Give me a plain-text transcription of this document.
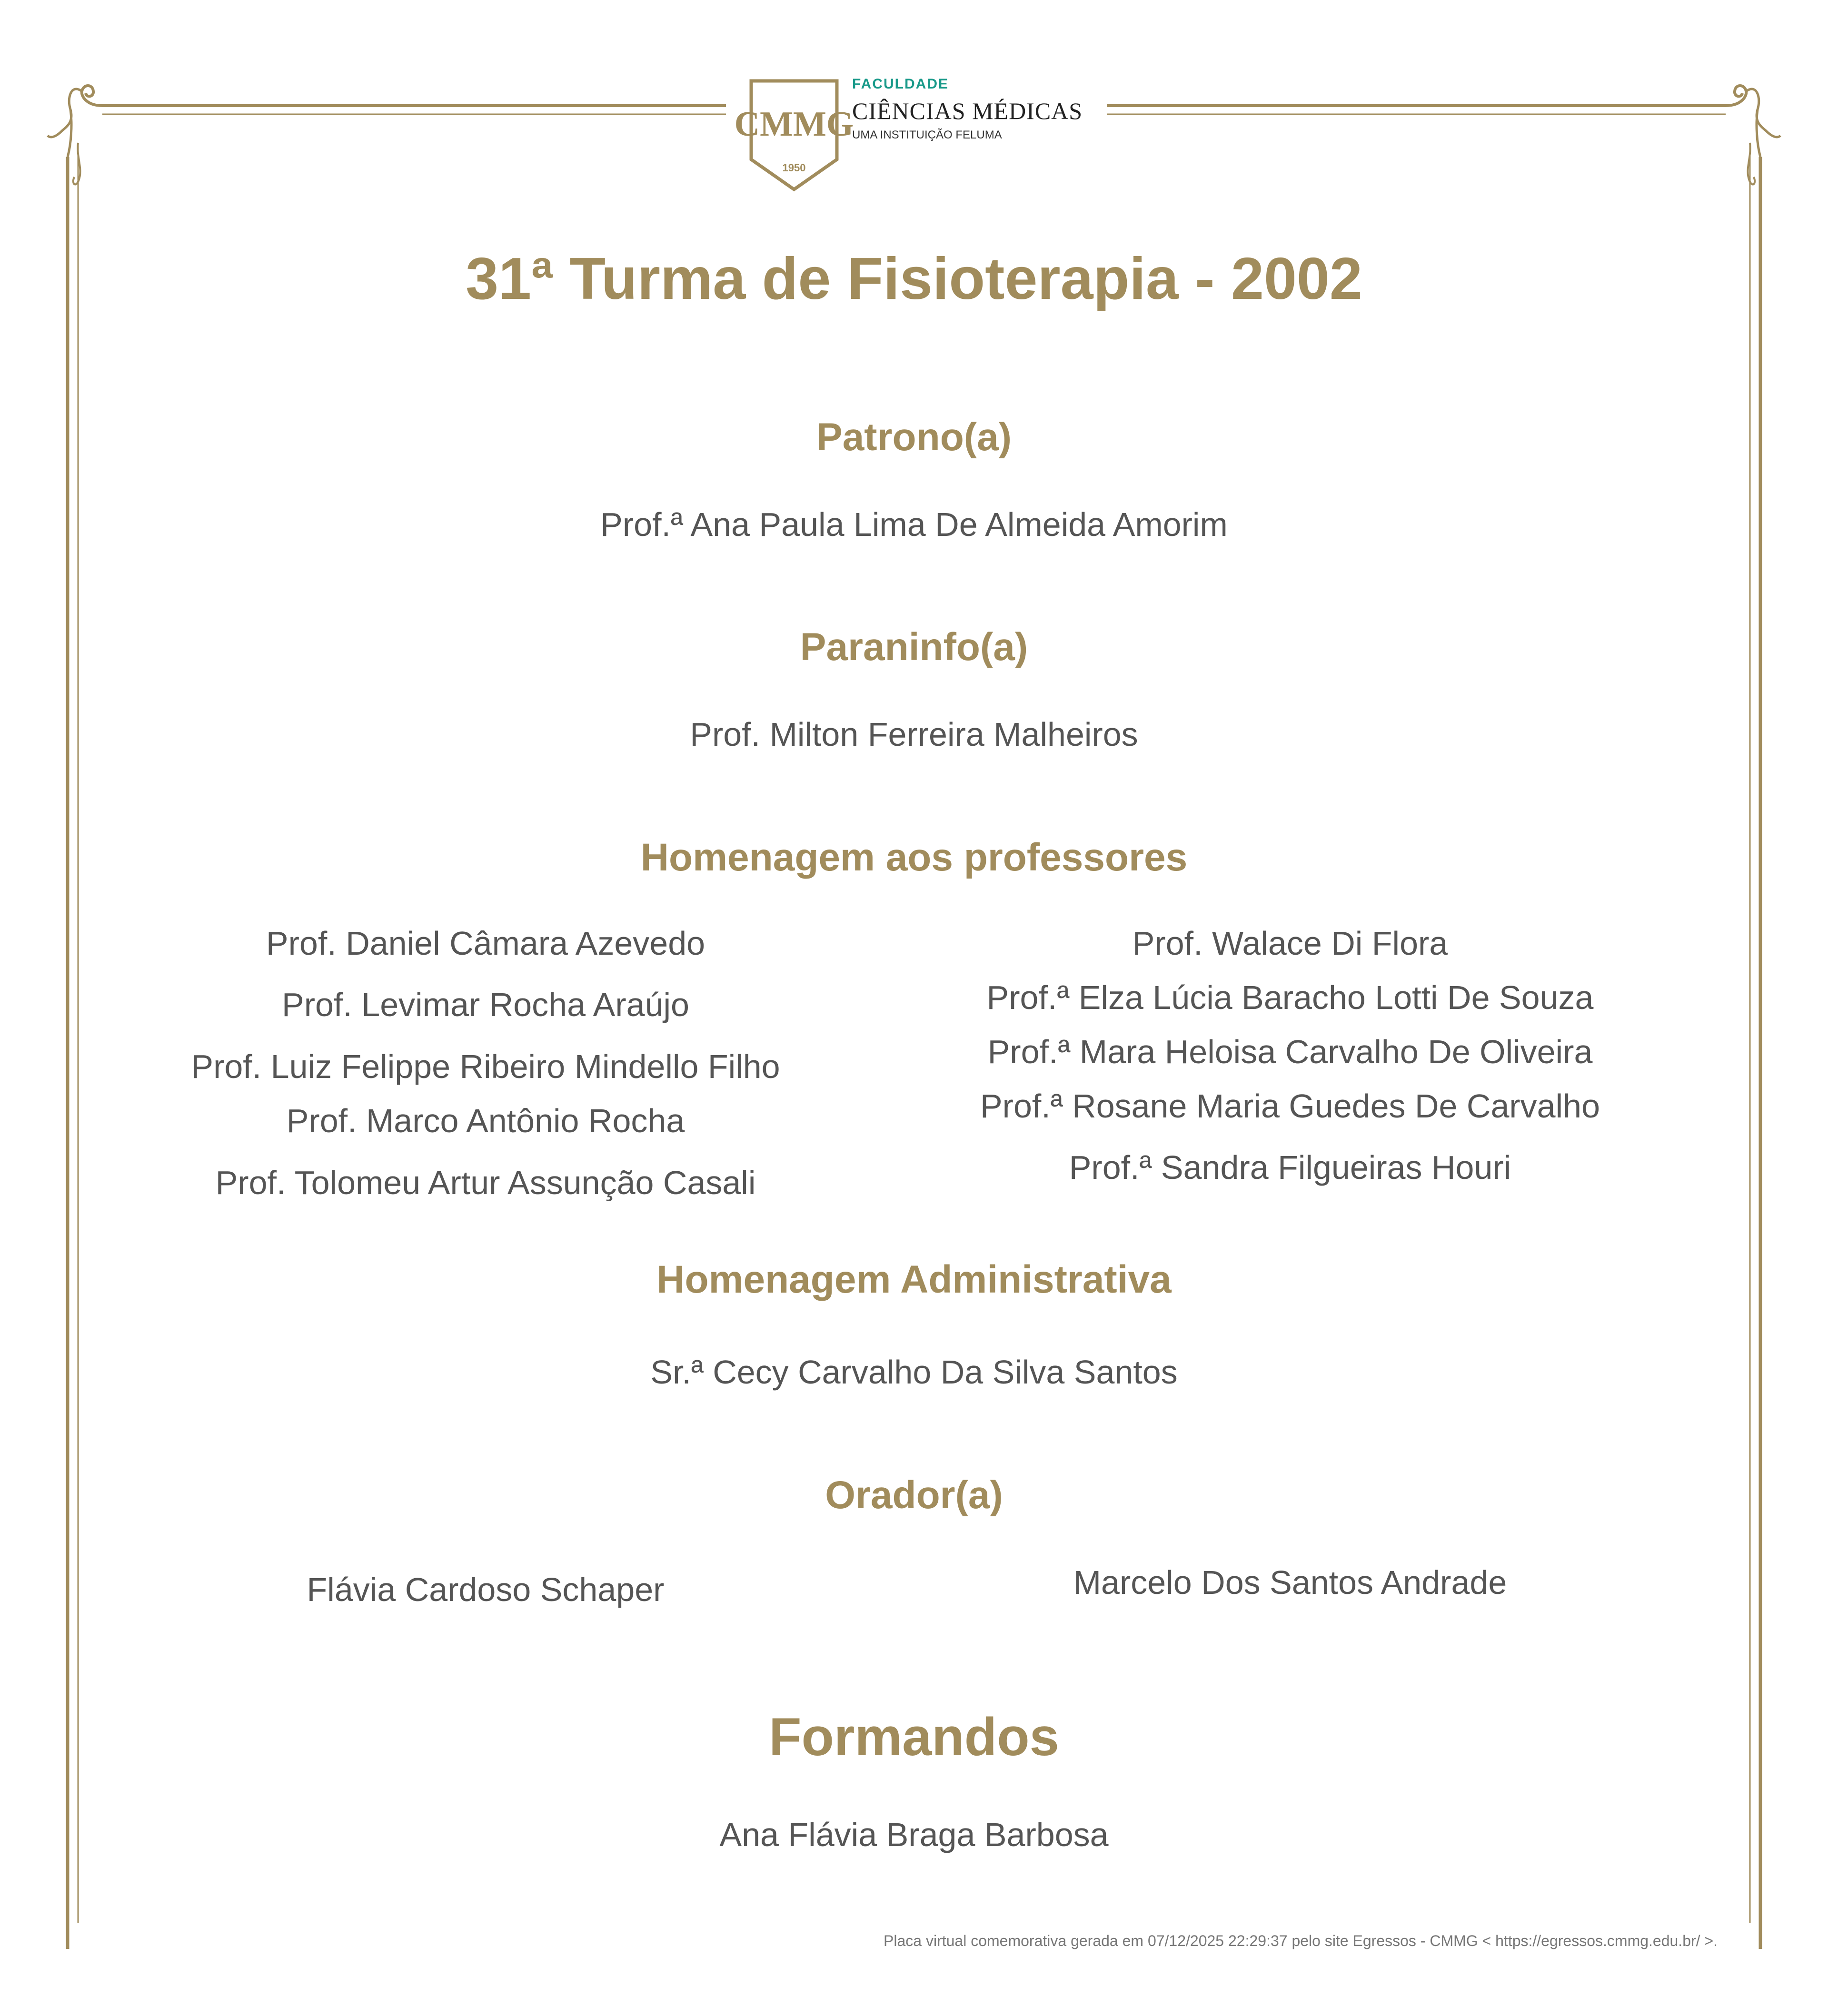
CMMG
1950
FACULDADE
CIÊNCIAS MÉDICAS
UMA INSTITUIÇÃO FELUMA
31ª Turma de Fisioterapia - 2002
Patrono(a)
Prof.ª Ana Paula Lima De Almeida Amorim
Paraninfo(a)
Prof. Milton Ferreira Malheiros
Homenagem aos professores
Prof. Daniel Câmara Azevedo
Prof. Levimar Rocha Araújo
Prof. Luiz Felippe Ribeiro Mindello Filho
Prof. Marco Antônio Rocha
Prof. Tolomeu Artur Assunção Casali
Prof. Walace Di Flora
Prof.ª Elza Lúcia Baracho Lotti De Souza
Prof.ª Mara Heloisa Carvalho De Oliveira
Prof.ª Rosane Maria Guedes De Carvalho
Prof.ª Sandra Filgueiras Houri
Homenagem Administrativa
Sr.ª Cecy Carvalho Da Silva Santos
Orador(a)
Flávia Cardoso Schaper	Marcelo Dos Santos Andrade
Formandos
Ana Flávia Braga Barbosa
Placa virtual comemorativa gerada em 07/12/2025 22:29:37 pelo site Egressos - CMMG < https://egressos.cmmg.edu.br/ >.
